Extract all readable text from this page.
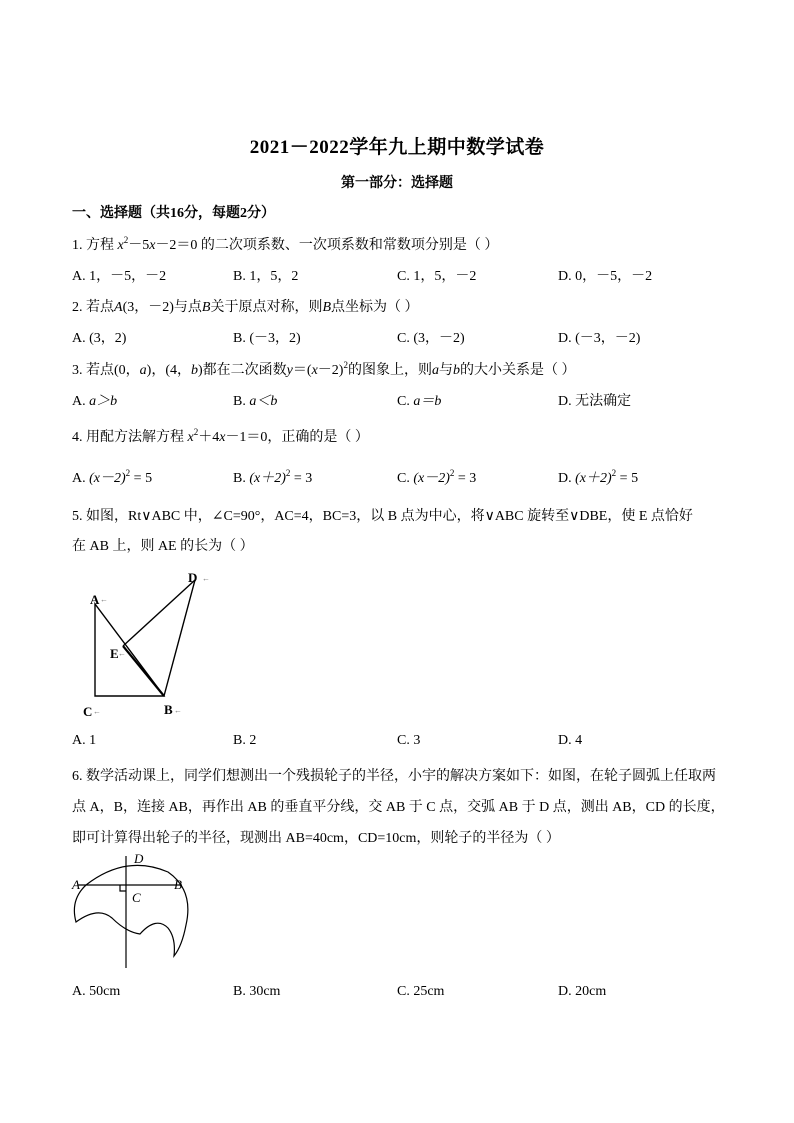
2021－2022学年九上期中数学试卷
第一部分：选择题
一、选择题（共16分，每题2分）
1. 方程 $x^2-5x-2=0$ 的二次项系数、一次项系数和常数项分别是（ ）
A. 1，－5，－2	B. 1，5，2	C. 1，5，－2	D. 0，－5，－2
2. 若点A(3，－2)与点B关于原点对称，则B点坐标为（ ）
A. (3，2)	B. (－3，2)	C. (3，－2)	D. (－3，－2)
3. 若点(0，a)，(4，b)都在二次函数$y=(x-2)^2$的图象上，则a与b的大小关系是（ ）
A. a＞b	B. a＜b	C. a＝b	D. 无法确定
4. 用配方法解方程 $x^2+4x-1=0$，正确的是（ ）
A. $(x-2)^2 = 5$	B. $(x+2)^2 = 3$	C. $(x-2)^2 = 3$	D. $(x+2)^2 = 5$
5. 如图，Rt∨ABC 中，∠C=90°，AC=4，BC=3，以 B 点为中心，将∨ABC 旋转至∨DBE，使 E 点恰好
在 AB 上，则 AE 的长为（ ）
D
A
E
C	B
←
←
←
←	←
A. 1	B. 2	C. 3	D. 4
6. 数学活动课上，同学们想测出一个残损轮子的半径，小宇的解决方案如下：如图，在轮子圆弧上任取两
点 A，B，连接 AB，再作出 AB 的垂直平分线，交 AB 于 C 点，交弧 AB 于 D 点，测出 AB，CD 的长度，
即可计算得出轮子的半径，现测出 AB=40cm，CD=10cm，则轮子的半径为（ ）
D
A	B
C
A. 50cm	B. 30cm	C. 25cm	D. 20cm
